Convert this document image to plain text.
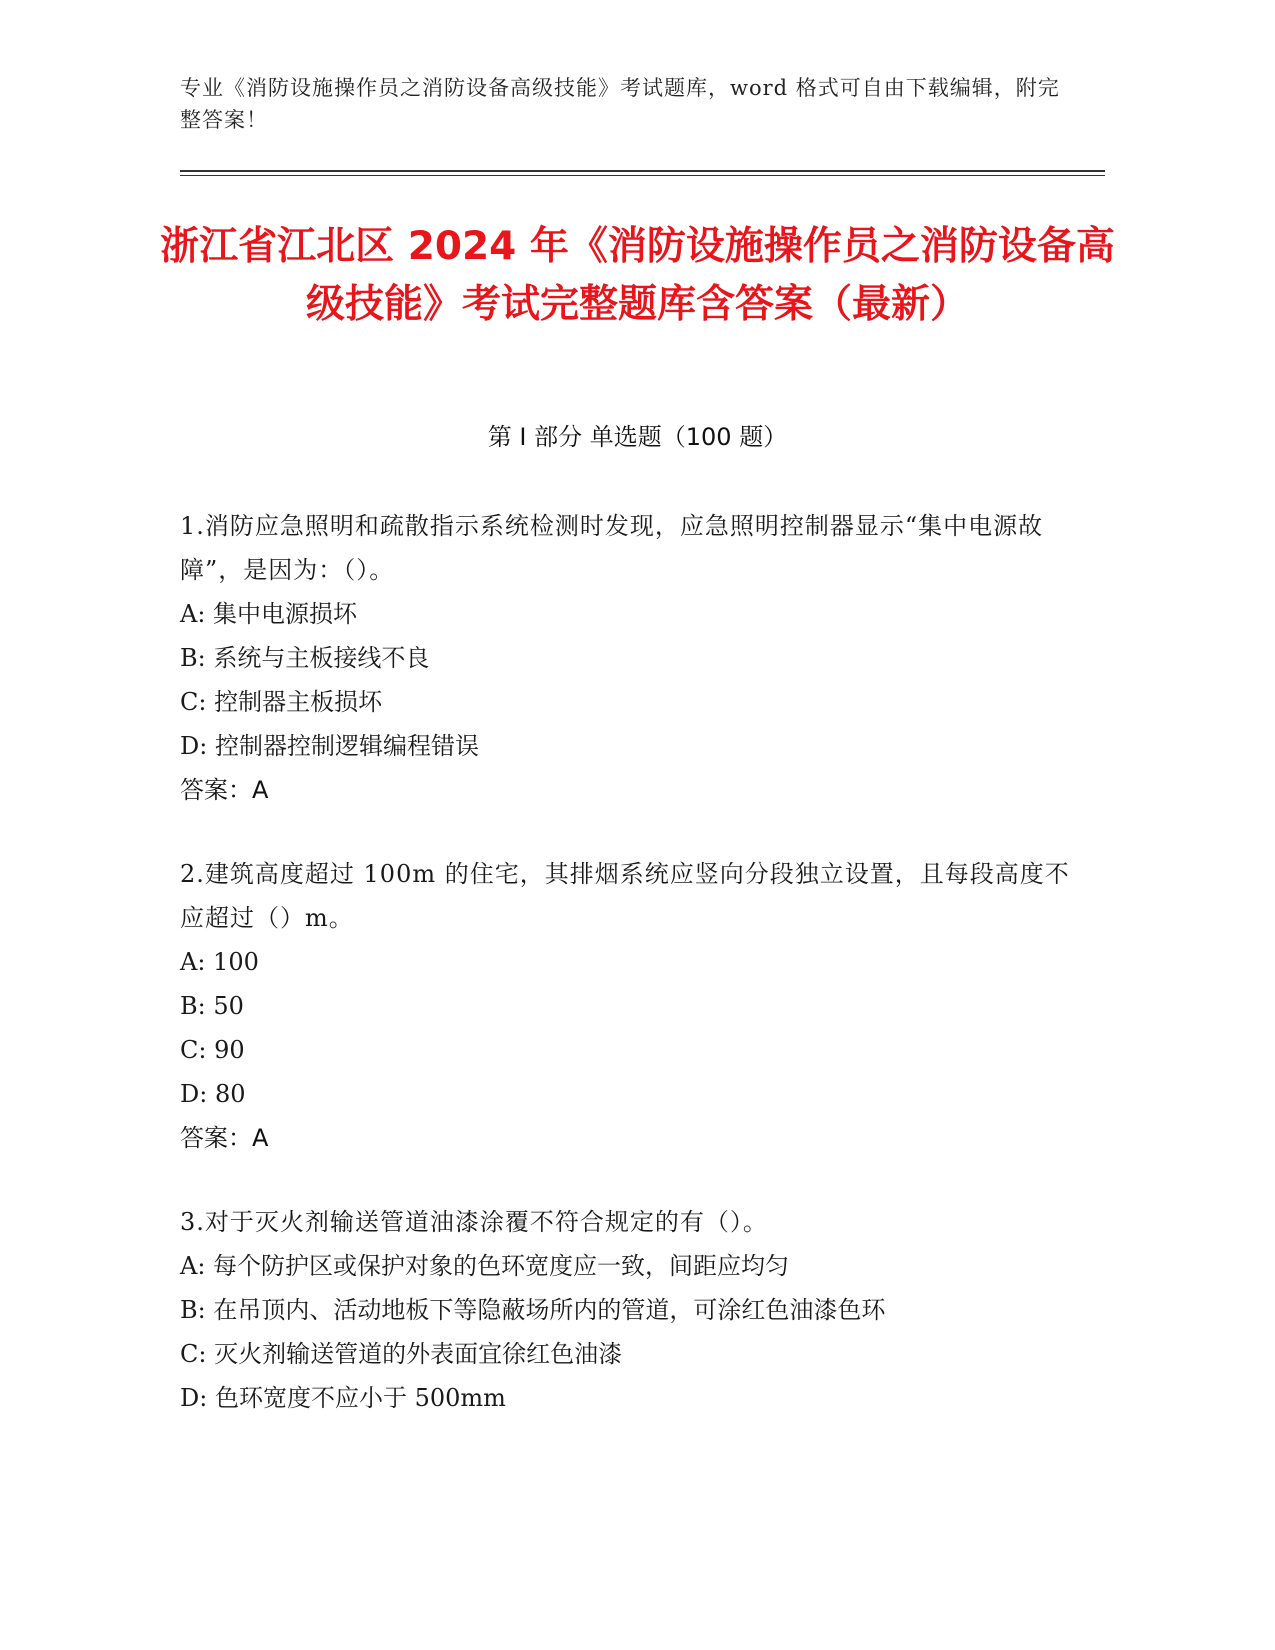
专业《消防设施操作员之消防设备高级技能》考试题库，word 格式可自由下载编辑，附完整答案！
浙江省江北区 2024 年《消防设施操作员之消防设备高级技能》考试完整题库含答案（最新）
第 I 部分 单选题（100 题）

1.消防应急照明和疏散指示系统检测时发现，应急照明控制器显示“集中电源故障”，是因为：（）。

A: 集中电源损坏

B: 系统与主板接线不良

C: 控制器主板损坏

D: 控制器控制逻辑编程错误

答案：A

2.建筑高度超过 100m 的住宅，其排烟系统应竖向分段独立设置，且每段高度不应超过（）m。

A: 100

B: 50

C: 90

D: 80

答案：A

3.对于灭火剂输送管道油漆涂覆不符合规定的有（）。

A: 每个防护区或保护对象的色环宽度应一致，间距应均匀

B: 在吊顶内、活动地板下等隐蔽场所内的管道，可涂红色油漆色环

C: 灭火剂输送管道的外表面宜徐红色油漆

D: 色环宽度不应小于 500mm
